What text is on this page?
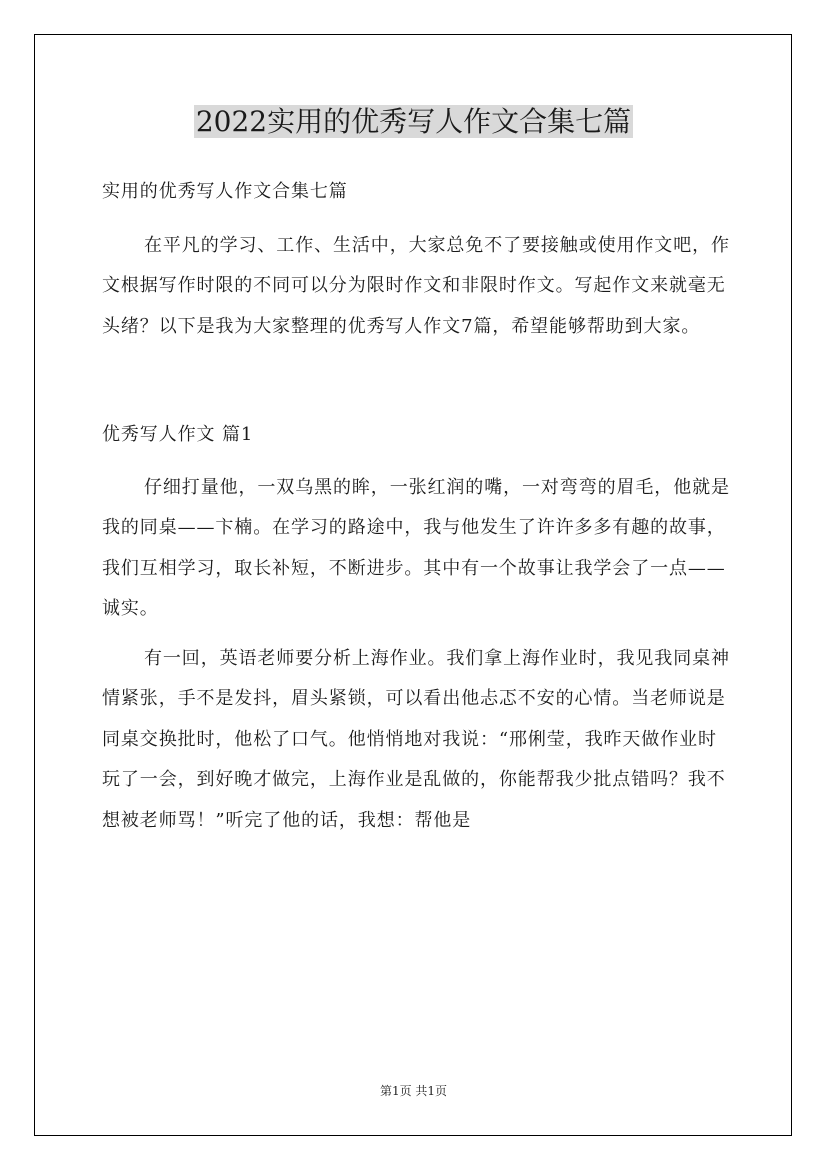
2022实用的优秀写人作文合集七篇

实用的优秀写人作文合集七篇

在平凡的学习、工作、生活中，大家总免不了要接触或使用作文吧，作文根据写作时限的不同可以分为限时作文和非限时作文。写起作文来就毫无头绪？以下是我为大家整理的优秀写人作文7篇，希望能够帮助到大家。

优秀写人作文 篇1

仔细打量他，一双乌黑的眸，一张红润的嘴，一对弯弯的眉毛，他就是我的同桌——卞楠。在学习的路途中，我与他发生了许许多多有趣的故事，我们互相学习，取长补短，不断进步。其中有一个故事让我学会了一点——诚实。

有一回，英语老师要分析上海作业。我们拿上海作业时，我见我同桌神情紧张，手不是发抖，眉头紧锁，可以看出他忐忑不安的心情。当老师说是同桌交换批时，他松了口气。他悄悄地对我说：“邢俐莹，我昨天做作业时玩了一会，到好晚才做完，上海作业是乱做的，你能帮我少批点错吗？我不想被老师骂！”听完了他的话，我想：帮他是

第1页 共1页
